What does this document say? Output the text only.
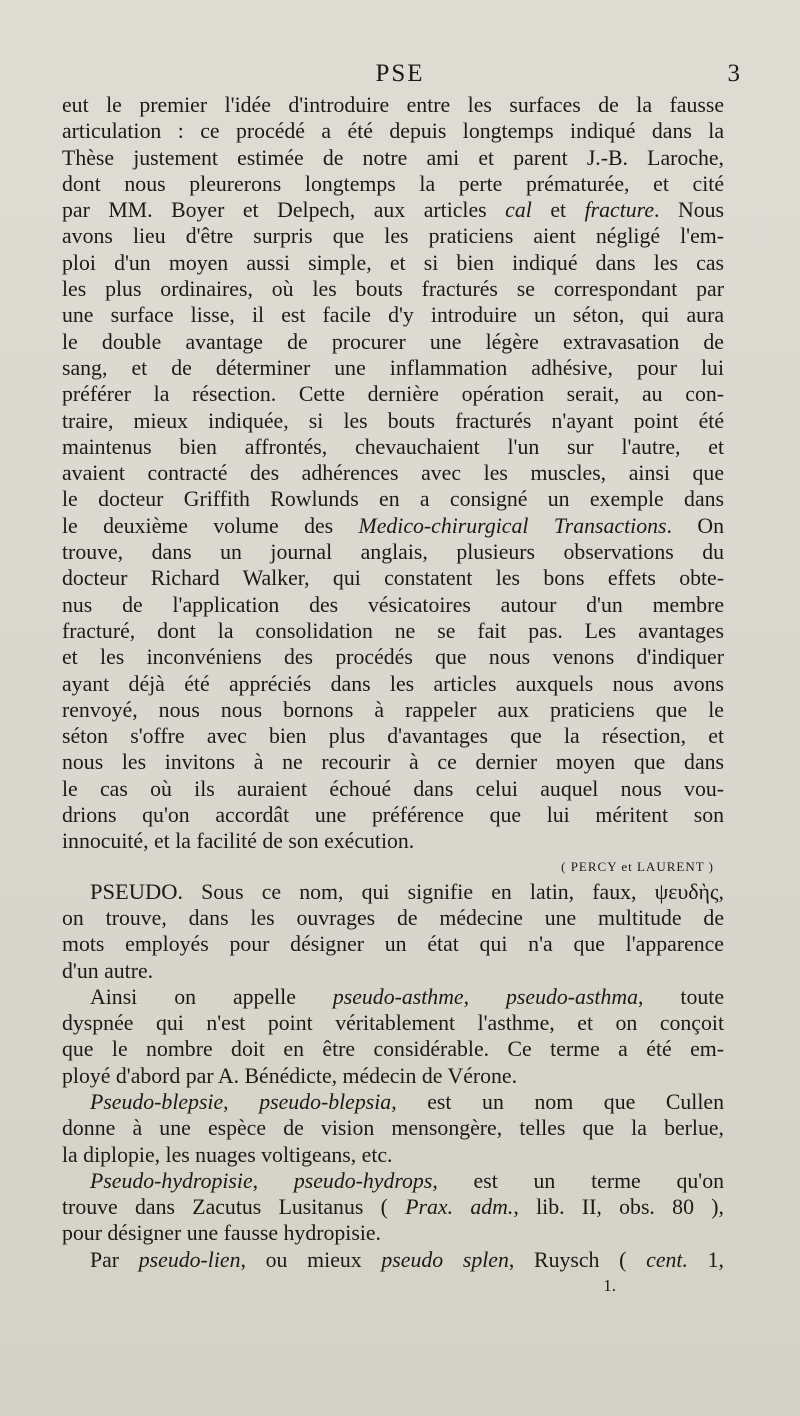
PSE	3

eut le premier l'idée d'introduire entre les surfaces de la fausse

articulation : ce procédé a été depuis longtemps indiqué dans la

Thèse justement estimée de notre ami et parent J.-B. Laroche,

dont nous pleurerons longtemps la perte prématurée, et cité

par MM. Boyer et Delpech, aux articles cal et fracture. Nous

avons lieu d'être surpris que les praticiens aient négligé l'em-

ploi d'un moyen aussi simple, et si bien indiqué dans les cas

les plus ordinaires, où les bouts fracturés se correspondant par

une surface lisse, il est facile d'y introduire un séton, qui aura

le double avantage de procurer une légère extravasation de

sang, et de déterminer une inflammation adhésive, pour lui

préférer la résection. Cette dernière opération serait, au con-

traire, mieux indiquée, si les bouts fracturés n'ayant point été

maintenus bien affrontés, chevauchaient l'un sur l'autre, et

avaient contracté des adhérences avec les muscles, ainsi que

le docteur Griffith Rowlunds en a consigné un exemple dans

le deuxième volume des Medico-chirurgical Transactions. On

trouve, dans un journal anglais, plusieurs observations du

docteur Richard Walker, qui constatent les bons effets obte-

nus de l'application des vésicatoires autour d'un membre

fracturé, dont la consolidation ne se fait pas. Les avantages

et les inconvéniens des procédés que nous venons d'indiquer

ayant déjà été appréciés dans les articles auxquels nous avons

renvoyé, nous nous bornons à rappeler aux praticiens que le

séton s'offre avec bien plus d'avantages que la résection, et

nous les invitons à ne recourir à ce dernier moyen que dans

le cas où ils auraient échoué dans celui auquel nous vou-

drions qu'on accordât une préférence que lui méritent son

innocuité, et la facilité de son exécution.

( PERCY et LAURENT )

PSEUDO. Sous ce nom, qui signifie en latin, faux, ψευδὴς,

on trouve, dans les ouvrages de médecine une multitude de

mots employés pour désigner un état qui n'a que l'apparence

d'un autre.

Ainsi on appelle pseudo-asthme, pseudo-asthma, toute

dyspnée qui n'est point véritablement l'asthme, et on conçoit

que le nombre doit en être considérable. Ce terme a été em-

ployé d'abord par A. Bénédicte, médecin de Vérone.

Pseudo-blepsie, pseudo-blepsia, est un nom que Cullen

donne à une espèce de vision mensongère, telles que la berlue,

la diplopie, les nuages voltigeans, etc.

Pseudo-hydropisie, pseudo-hydrops, est un terme qu'on

trouve dans Zacutus Lusitanus ( Prax. adm., lib. II, obs. 80 ),

pour désigner une fausse hydropisie.

Par pseudo-lien, ou mieux pseudo splen, Ruysch ( cent. 1,

1.
